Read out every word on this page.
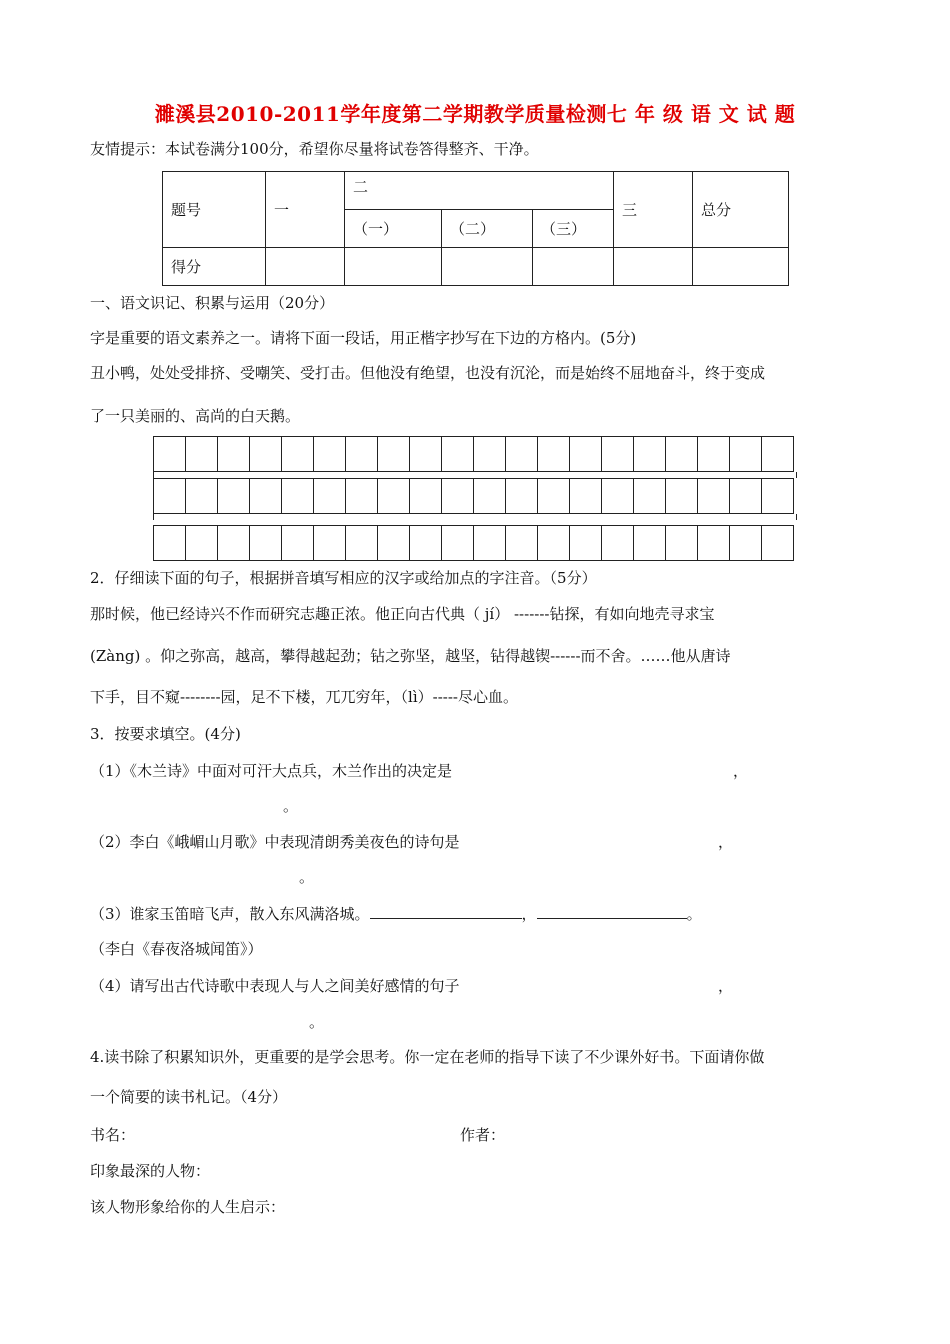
濉溪县2010-2011学年度第二学期教学质量检测七 年 级 语 文 试 题
友情提示：本试卷满分100分，希望你尽量将试卷答得整齐、干净。
题号	一	二			三	总分
		（一）	（二）	（三）		
得分						
一、语文识记、积累与运用（20分）
字是重要的语文素养之一。请将下面一段话，用正楷字抄写在下边的方格内。(5分)
丑小鸭，处处受排挤、受嘲笑、受打击。但他没有绝望，也没有沉沦，而是始终不屈地奋斗，终于变成
了一只美丽的、高尚的白天鹅。

2．仔细读下面的句子，根据拼音填写相应的汉字或给加点的字注音。（5分）
那时候，他已经诗兴不作而研究志趣正浓。他正向古代典（ jí） -------钻探，有如向地壳寻求宝
(Zàng) 。仰之弥高，越高，攀得越起劲；钻之弥坚，越坚，钻得越锲------而不舍。……他从唐诗
下手，目不窥--------园，足不下楼，兀兀穷年，（lì）-----尽心血。
3．按要求填空。(4分)
（1）《木兰诗》中面对可汗大点兵，木兰作出的决定是	，
。
（2）李白《峨嵋山月歌》中表现清朗秀美夜色的诗句是	，
。
（3）谁家玉笛暗飞声，散入东风满洛城。	，	。
（李白《春夜洛城闻笛》）
（4）请写出古代诗歌中表现人与人之间美好感情的句子	，
。
4.读书除了积累知识外，更重要的是学会思考。你一定在老师的指导下读了不少课外好书。下面请你做
一个简要的读书札记。（4分）
书名：	作者：
印象最深的人物：
该人物形象给你的人生启示：
